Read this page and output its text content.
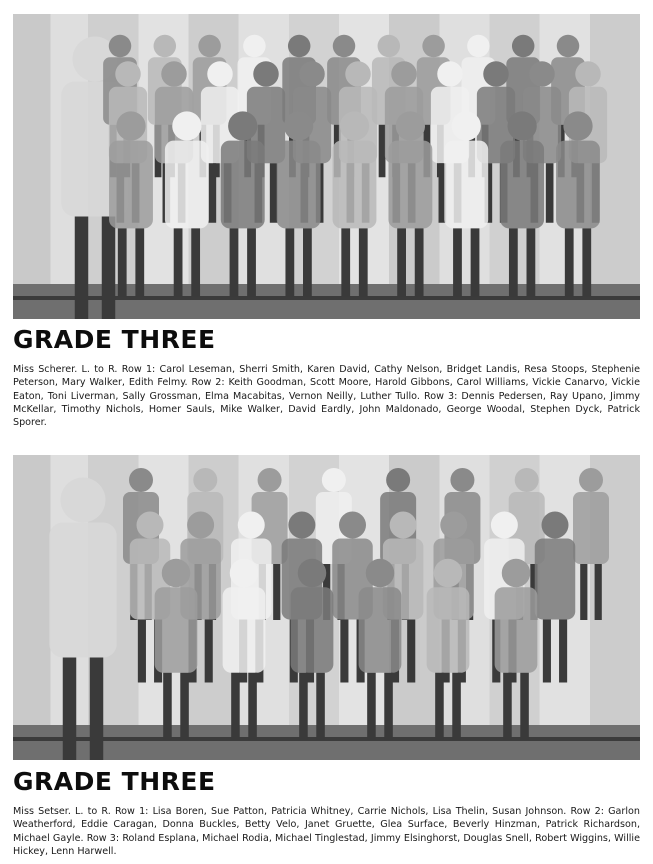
GRADE THREE

Miss Scherer. L. to R. Row 1: Carol Leseman, Sherri Smith, Karen David, Cathy Nelson, Bridget Landis, Resa Stoops, Stephenie Peterson, Mary Walker, Edith Felmy. Row 2: Keith Goodman, Scott Moore, Harold Gibbons, Carol Williams, Vickie Canarvo, Vickie Eaton, Toni Liverman, Sally Grossman, Elma Macabitas, Vernon Neilly, Luther Tullo. Row 3: Dennis Pedersen, Ray Upano, Jimmy McKellar, Timothy Nichols, Homer Sauls, Mike Walker, David Eardly, John Maldonado, George Woodal, Stephen Dyck, Patrick Sporer.

GRADE THREE

Miss Setser. L. to R. Row 1: Lisa Boren, Sue Patton, Patricia Whitney, Carrie Nichols, Lisa Thelin, Susan Johnson. Row 2: Garlon Weatherford, Eddie Caragan, Donna Buckles, Betty Velo, Janet Gruette, Glea Surface, Beverly Hinzman, Patrick Richardson, Michael Gayle. Row 3: Roland Esplana, Michael Rodia, Michael Tinglestad, Jimmy Elsinghorst, Douglas Snell, Robert Wiggins, Willie Hickey, Lenn Harwell.
